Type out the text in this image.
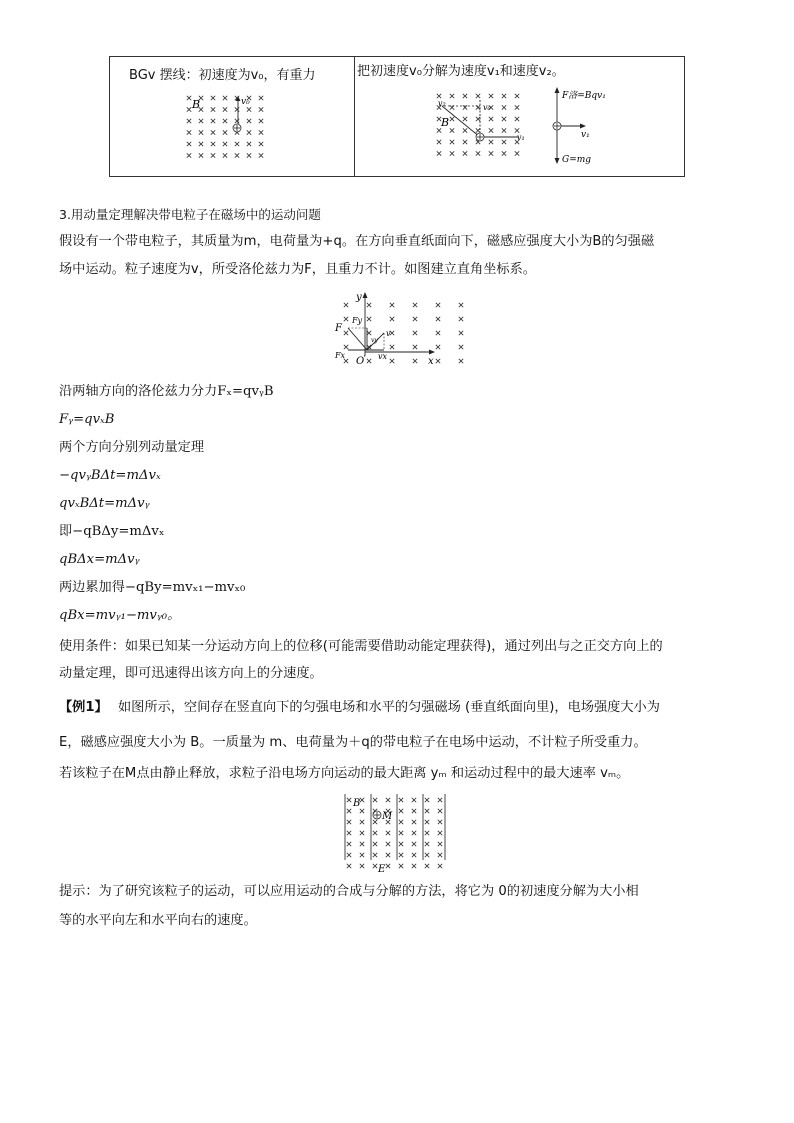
BGv 摆线：初速度为v₀，有重力	把初速度v₀分解为速度v₁和速度v₂。
B	v₀
B
v₂	v₀
v₁
F洛=Bqv₁
v₁
G=mg
3.用动量定理解决带电粒子在磁场中的运动问题
假设有一个带电粒子，其质量为m，电荷量为+q。在方向垂直纸面向下，磁感应强度大小为B的匀强磁
场中运动。粒子速度为v，所受洛伦兹力为F，且重力不计。如图建立直角坐标系。
y
x
O
F
Fy
Fx
v
vx
vy
沿两轴方向的洛伦兹力分力Fₓ=qvᵧB
Fᵧ=qvₓB
两个方向分别列动量定理
−qvᵧBΔt=mΔvₓ
qvₓBΔt=mΔvᵧ
即−qBΔy=mΔvₓ
qBΔx=mΔvᵧ
两边累加得−qBy=mvₓ₁−mvₓ₀
qBx=mvᵧ₁−mvᵧ₀。
使用条件：如果已知某一分运动方向上的位移(可能需要借助动能定理获得)，通过列出与之正交方向上的
动量定理，即可迅速得出该方向上的分速度。
【例1】 如图所示，空间存在竖直向下的匀强电场和水平的匀强磁场 (垂直纸面向里)，电场强度大小为
E，磁感应强度大小为 B。一质量为 m、电荷量为＋q的带电粒子在电场中运动，不计粒子所受重力。
若该粒子在M点由静止释放，求粒子沿电场方向运动的最大距离 yₘ 和运动过程中的最大速率 vₘ。
B
M
E
提示：为了研究该粒子的运动，可以应用运动的合成与分解的方法，将它为 0的初速度分解为大小相
等的水平向左和水平向右的速度。
